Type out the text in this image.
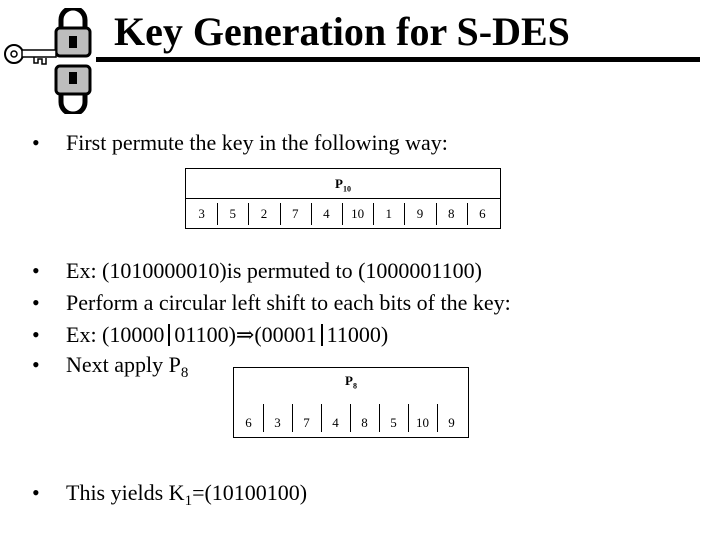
Key Generation for S-DES
• First permute the key in the following way:
$P_{10}$
3	5	2	7	4	10	1	9	8	6
• Ex: (1010000010)is permuted to (1000001100)
• Perform a circular left shift to each bits of the key:
• Ex: (10000 01100)⇒(00001 11000)
• Next apply $P_8$	$P_8$
6	3	7	4	8	5	10	9
• This yields $K_1=(10100100)$
